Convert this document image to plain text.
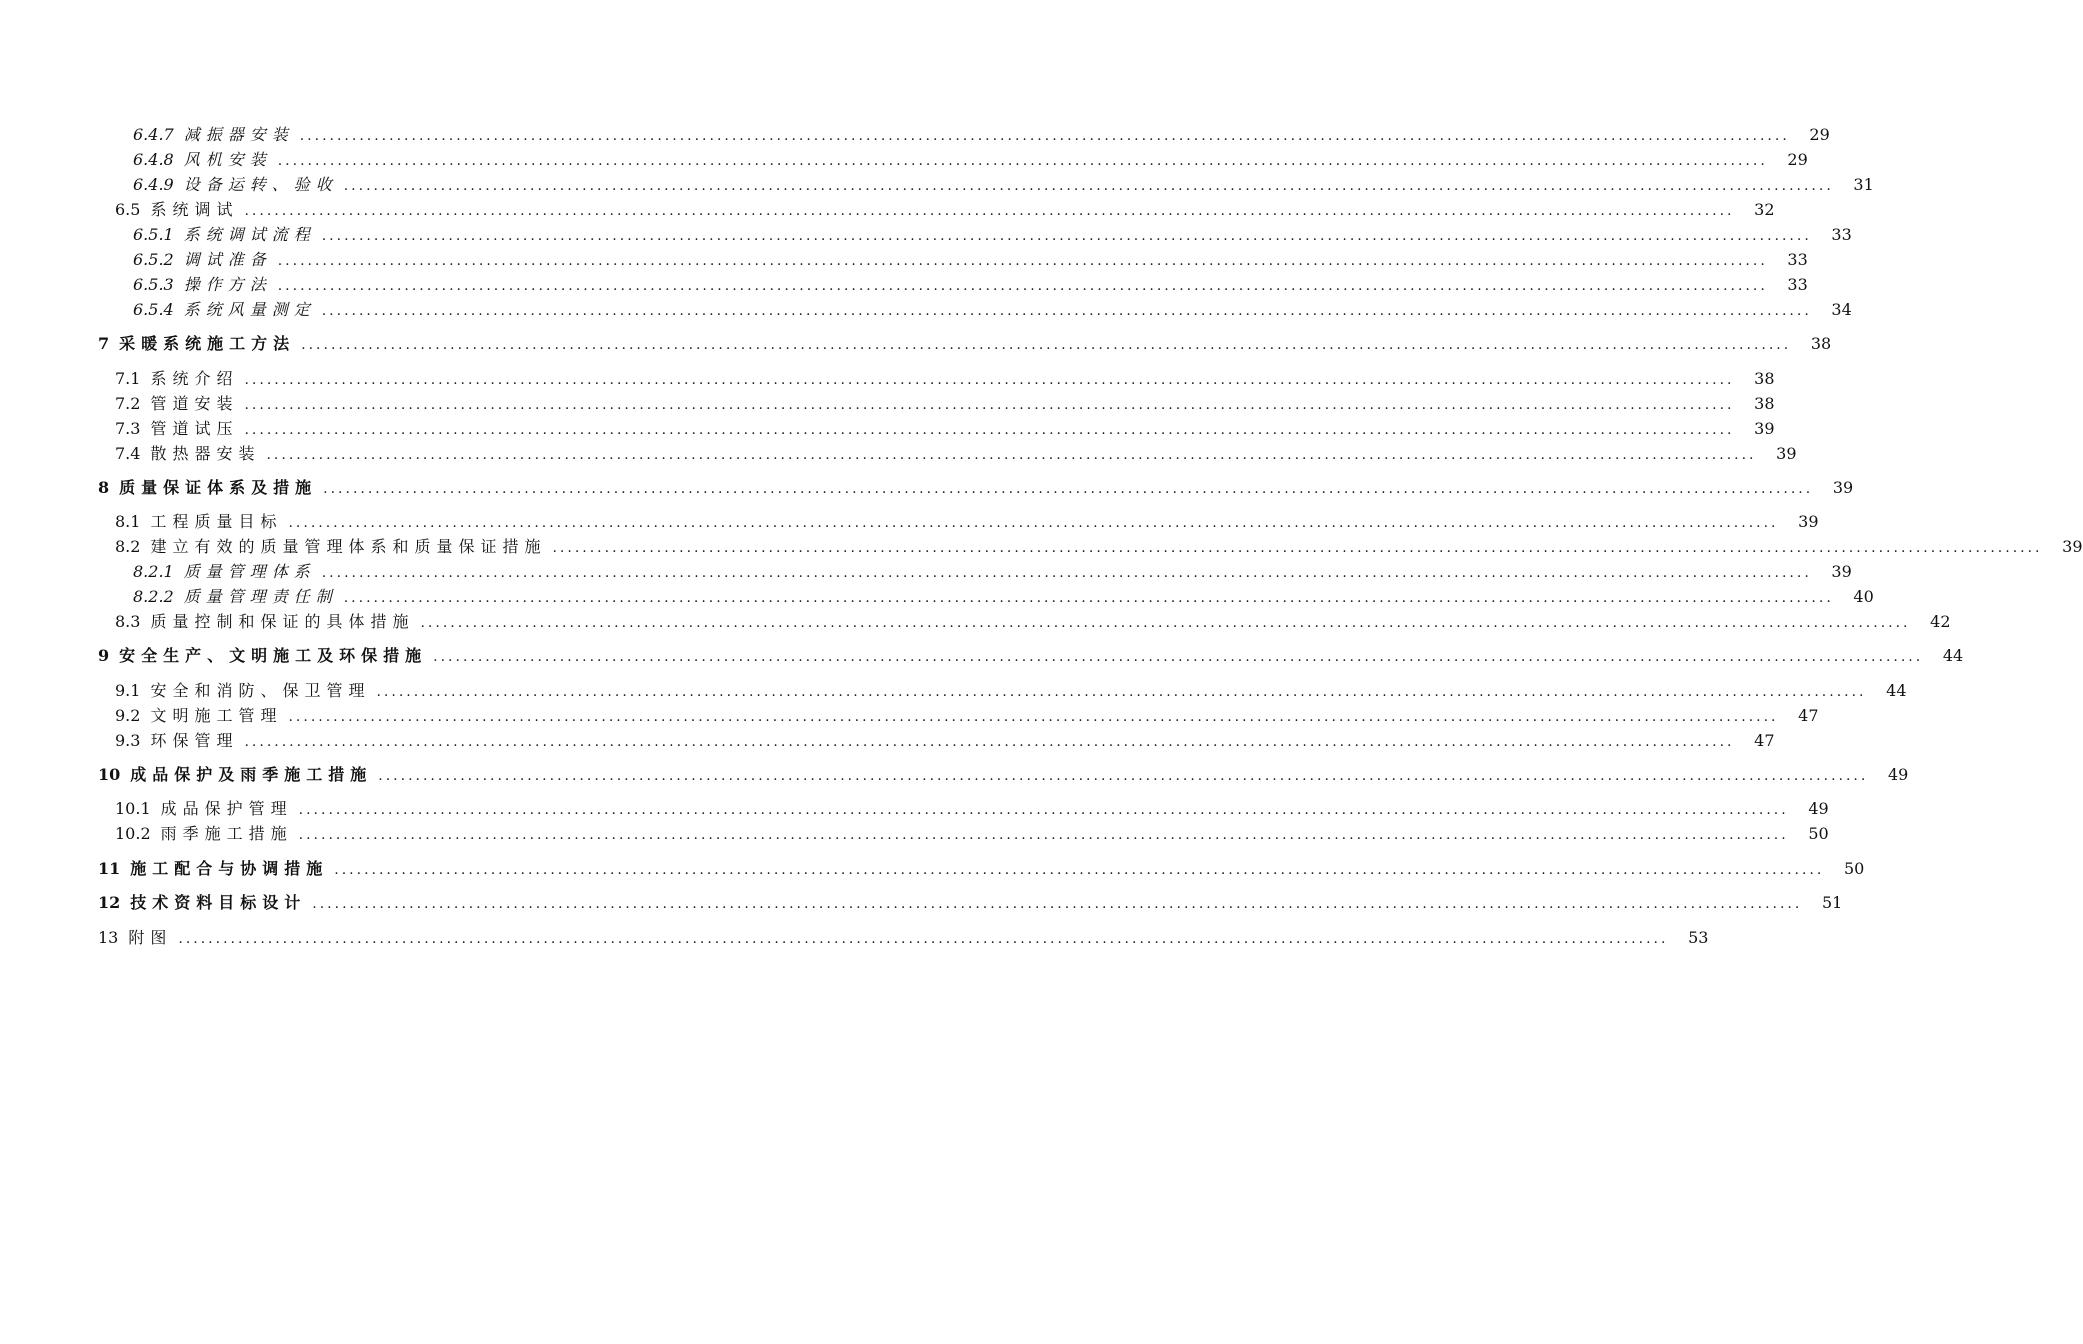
6.4.7 减振器安装 ........................................................................................................................................................................................................	29
6.4.8 风机安装 ........................................................................................................................................................................................................	29
6.4.9 设备运转、验收 ........................................................................................................................................................................................................	31
6.5 系统调试 ........................................................................................................................................................................................................	32
6.5.1 系统调试流程 ........................................................................................................................................................................................................	33
6.5.2 调试准备 ........................................................................................................................................................................................................	33
6.5.3 操作方法 ........................................................................................................................................................................................................	33
6.5.4 系统风量测定 ........................................................................................................................................................................................................	34
7 采暖系统施工方法 ........................................................................................................................................................................................................	38
7.1 系统介绍 ........................................................................................................................................................................................................	38
7.2 管道安装 ........................................................................................................................................................................................................	38
7.3 管道试压 ........................................................................................................................................................................................................	39
7.4 散热器安装 ........................................................................................................................................................................................................	39
8 质量保证体系及措施 ........................................................................................................................................................................................................	39
8.1 工程质量目标 ........................................................................................................................................................................................................	39
8.2 建立有效的质量管理体系和质量保证措施 ........................................................................................................................................................................................................	39
8.2.1 质量管理体系 ........................................................................................................................................................................................................	39
8.2.2 质量管理责任制 ........................................................................................................................................................................................................	40
8.3 质量控制和保证的具体措施 ........................................................................................................................................................................................................	42
9 安全生产、文明施工及环保措施 ........................................................................................................................................................................................................	44
9.1 安全和消防、保卫管理 ........................................................................................................................................................................................................	44
9.2 文明施工管理 ........................................................................................................................................................................................................	47
9.3 环保管理 ........................................................................................................................................................................................................	47
10 成品保护及雨季施工措施 ........................................................................................................................................................................................................	49
10.1 成品保护管理 ........................................................................................................................................................................................................	49
10.2 雨季施工措施 ........................................................................................................................................................................................................	50
11 施工配合与协调措施 ........................................................................................................................................................................................................	50
12 技术资料目标设计 ........................................................................................................................................................................................................	51
13 附图 ........................................................................................................................................................................................................	53
